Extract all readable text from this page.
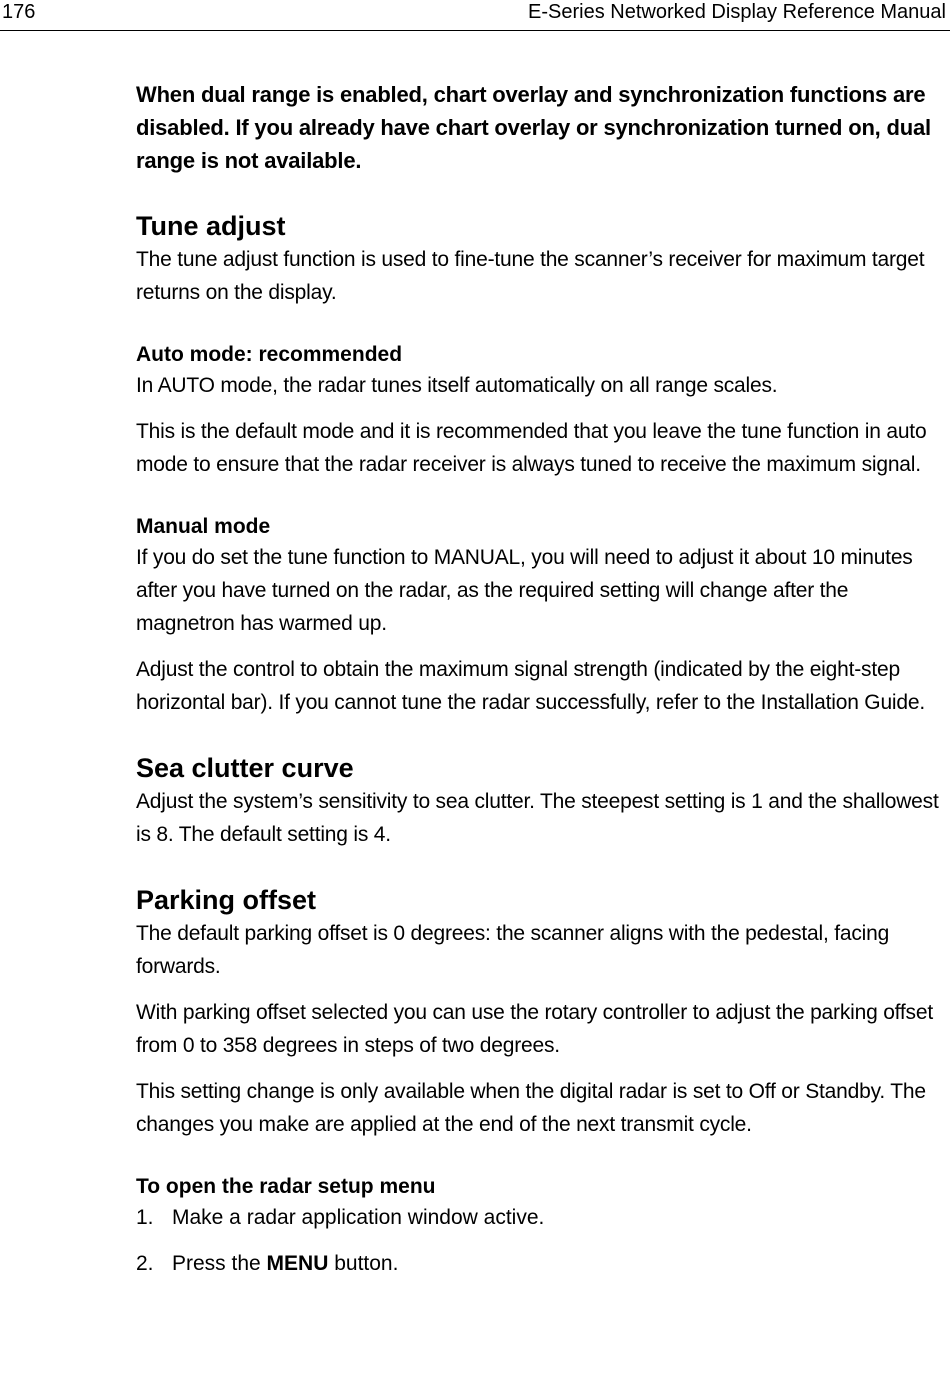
176	E-Series Networked Display Reference Manual

When dual range is enabled, chart overlay and synchronization functions are disabled. If you already have chart overlay or synchronization turned on, dual range is not available.

Tune adjust

The tune adjust function is used to fine-tune the scanner’s receiver for maximum target returns on the display.

Auto mode: recommended

In AUTO mode, the radar tunes itself automatically on all range scales.

This is the default mode and it is recommended that you leave the tune function in auto mode to ensure that the radar receiver is always tuned to receive the maximum signal.

Manual mode

If you do set the tune function to MANUAL, you will need to adjust it about 10 minutes after you have turned on the radar, as the required setting will change after the magnetron has warmed up.

Adjust the control to obtain the maximum signal strength (indicated by the eight-step horizontal bar). If you cannot tune the radar successfully, refer to the Installation Guide.

Sea clutter curve

Adjust the system’s sensitivity to sea clutter. The steepest setting is 1 and the shallowest is 8. The default setting is 4.

Parking offset

The default parking offset is 0 degrees: the scanner aligns with the pedestal, facing forwards.

With parking offset selected you can use the rotary controller to adjust the parking offset from 0 to 358 degrees in steps of two degrees.

This setting change is only available when the digital radar is set to Off or Standby. The changes you make are applied at the end of the next transmit cycle.

To open the radar setup menu
1. Make a radar application window active.
2. Press the MENU button.
